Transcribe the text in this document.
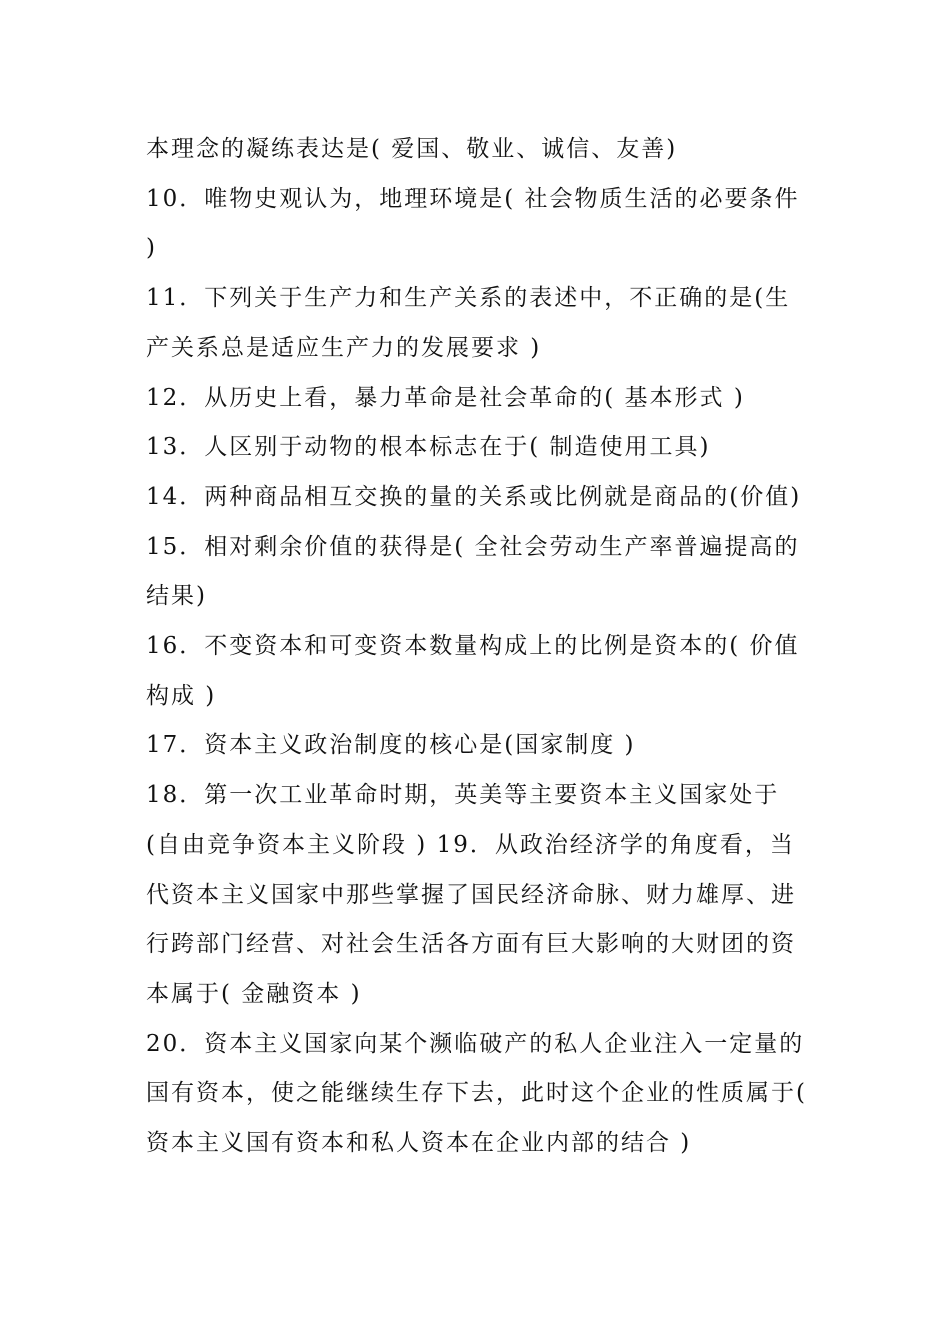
本理念的凝练表达是( 爱国、敬业、诚信、友善)

10．唯物史观认为，地理环境是( 社会物质生活的必要条件 )

11．下列关于生产力和生产关系的表述中，不正确的是(生产关系总是适应生产力的发展要求 )

12．从历史上看，暴力革命是社会革命的( 基本形式 )

13．人区别于动物的根本标志在于( 制造使用工具)

14．两种商品相互交换的量的关系或比例就是商品的(价值)

15．相对剩余价值的获得是( 全社会劳动生产率普遍提高的结果)

16．不变资本和可变资本数量构成上的比例是资本的( 价值构成 )

17．资本主义政治制度的核心是(国家制度 )

18．第一次工业革命时期，英美等主要资本主义国家处于(自由竞争资本主义阶段 ) 19．从政治经济学的角度看，当代资本主义国家中那些掌握了国民经济命脉、财力雄厚、进行跨部门经营、对社会生活各方面有巨大影响的大财团的资本属于( 金融资本 )

20．资本主义国家向某个濒临破产的私人企业注入一定量的国有资本，使之能继续生存下去，此时这个企业的性质属于( 资本主义国有资本和私人资本在企业内部的结合 )
